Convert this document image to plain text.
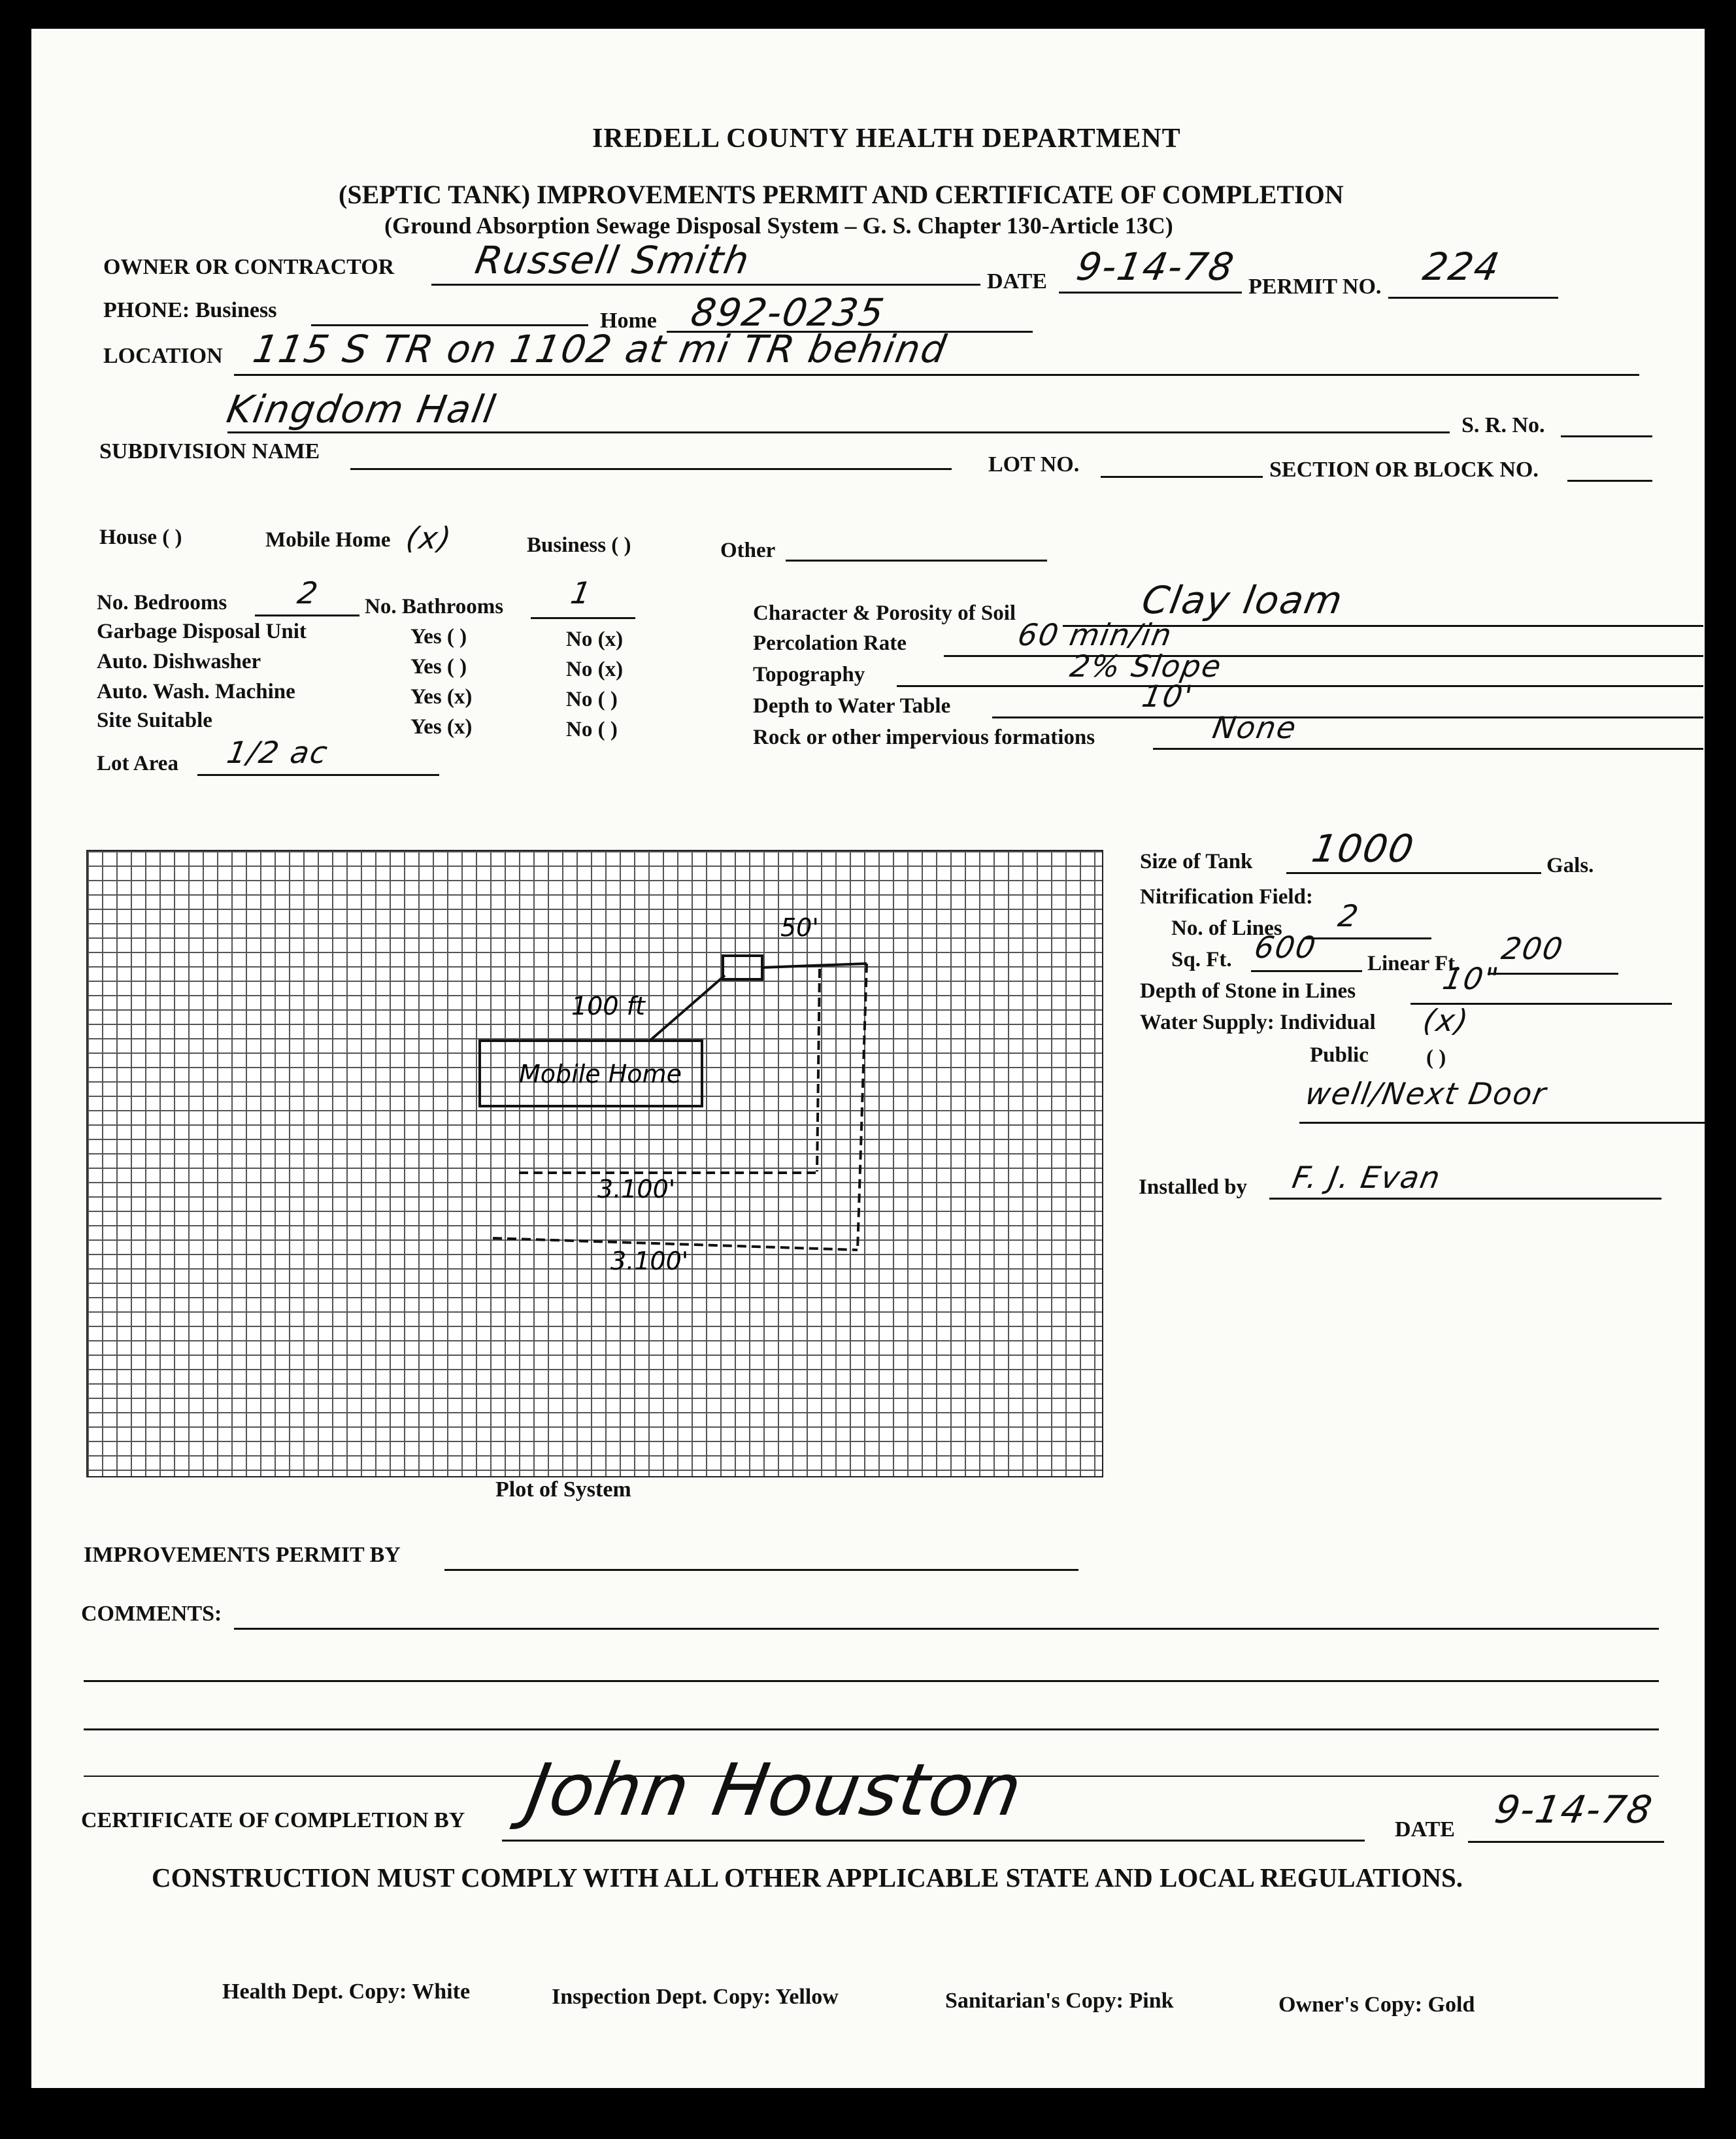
IREDELL COUNTY HEALTH DEPARTMENT
(SEPTIC TANK) IMPROVEMENTS PERMIT AND CERTIFICATE OF COMPLETION
(Ground Absorption Sewage Disposal System – G. S. Chapter 130-Article 13C)
OWNER OR CONTRACTOR Russell Smith	DATE 9-14-78 PERMIT NO. 224
PHONE: Business	Home 892-0235
LOCATION 115 S TR on 1102 at mi TR behind
Kingdom Hall	S. R. No.
SUBDIVISION NAME
LOT NO.	SECTION OR BLOCK NO.
House ( )	Mobile Home (x)	Business ( )	Other
No. Bedrooms 2 No. Bathrooms 1
Garbage Disposal Unit	Yes ( )	No (x)
Auto. Dishwasher	Yes ( )	No (x)
Auto. Wash. Machine	Yes (x)	No ( )
Site Suitable	Yes (x)	No ( )
Lot Area 1/2 ac
Character & Porosity of Soil	Clay loam
Percolation Rate	60 min/in
Topography	2% Slope
Depth to Water Table	10'
Rock or other impervious formations	None
100 ft
Mobile Home
3.100'
3.100'
50'
Plot of System
Size of Tank 1000	Gals.
Nitrification Field:
No. of Lines 2
Sq. Ft. 600 Linear Ft. 200
Depth of Stone in Lines	10"
Water Supply: Individual (x)
Public	( )
well/Next Door
Installed by F. J. Evan
IMPROVEMENTS PERMIT BY
COMMENTS:
CERTIFICATE OF COMPLETION BY John Houston	DATE 9-14-78
CONSTRUCTION MUST COMPLY WITH ALL OTHER APPLICABLE STATE AND LOCAL REGULATIONS.
Health Dept. Copy: White	Inspection Dept. Copy: Yellow	Sanitarian's Copy: Pink	Owner's Copy: Gold
